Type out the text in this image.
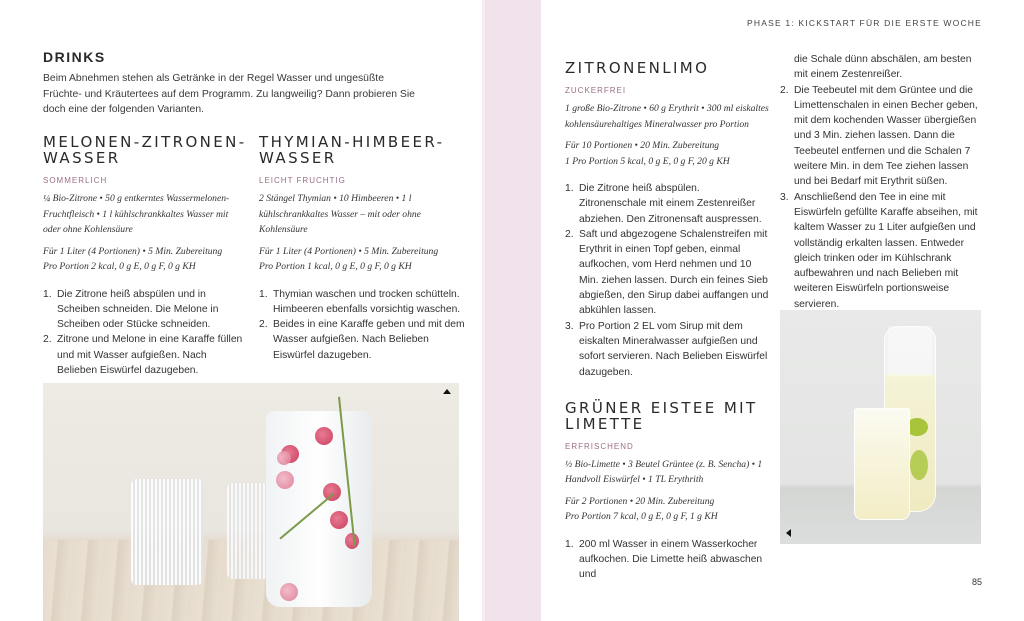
DRINKS

Beim Abnehmen stehen als Getränke in der Regel Wasser und ungesüßte Früchte- und Kräutertees auf dem Programm. Zu langweilig? Dann probieren Sie doch eine der folgenden Varianten.

MELONEN-ZITRONEN-WASSER
SOMMERLICH

¼ Bio-Zitrone • 50 g entkerntes Wassermelonen-Fruchtfleisch • 1 l kühlschrankkaltes Wasser mit oder ohne Kohlensäure

Für 1 Liter (4 Portionen) • 5 Min. Zubereitung
Pro Portion 2 kcal, 0 g E, 0 g F, 0 g KH

1. Die Zitrone heiß abspülen und in Scheiben schneiden. Die Melone in Scheiben oder Stücke schneiden.
2. Zitrone und Melone in eine Karaffe füllen und mit Wasser aufgießen. Nach Belieben Eiswürfel dazugeben.
THYMIAN-HIMBEER-WASSER
LEICHT FRUCHTIG

2 Stängel Thymian • 10 Himbeeren • 1 l kühlschrankkaltes Wasser – mit oder ohne Kohlensäure

Für 1 Liter (4 Portionen) • 5 Min. Zubereitung
Pro Portion 1 kcal, 0 g E, 0 g F, 0 g KH

1. Thymian waschen und trocken schütteln. Himbeeren ebenfalls vorsichtig waschen.
2. Beides in eine Karaffe geben und mit dem Wasser aufgießen. Nach Belieben Eiswürfel dazugeben.
PHASE 1: KICKSTART FÜR DIE ERSTE WOCHE
ZITRONENLIMO
ZUCKERFREI

1 große Bio-Zitrone • 60 g Erythrit • 300 ml eiskaltes kohlensäurehaltiges Mineralwasser pro Portion

Für 10 Portionen • 20 Min. Zubereitung
1 Pro Portion 5 kcal, 0 g E, 0 g F, 20 g KH

1. Die Zitrone heiß abspülen. Zitronenschale mit einem Zestenreißer abziehen. Den Zitronensaft auspressen.
2. Saft und abgezogene Schalenstreifen mit Erythrit in einen Topf geben, einmal aufkochen, vom Herd nehmen und 10 Min. ziehen lassen. Durch ein feines Sieb abgießen, den Sirup dabei auffangen und abkühlen lassen.
3. Pro Portion 2 EL vom Sirup mit dem eiskalten Mineralwasser aufgießen und sofort servieren. Nach Belieben Eiswürfel dazugeben.
GRÜNER EISTEE MIT LIMETTE
ERFRISCHEND

½ Bio-Limette • 3 Beutel Grüntee (z. B. Sencha) • 1 Handvoll Eiswürfel • 1 TL Erythrith

Für 2 Portionen • 20 Min. Zubereitung
Pro Portion 7 kcal, 0 g E, 0 g F, 1 g KH

1. 200 ml Wasser in einem Wasserkocher aufkochen. Die Limette heiß abwaschen und

die Schale dünn abschälen, am besten mit einem Zestenreißer.

2. Die Teebeutel mit dem Grüntee und die Limettenschalen in einen Becher geben, mit dem kochenden Wasser übergießen und 3 Min. ziehen lassen. Dann die Teebeutel entfernen und die Schalen 7 weitere Min. in dem Tee ziehen lassen und bei Bedarf mit Erythrit süßen.
3. Anschließend den Tee in eine mit Eiswürfeln gefüllte Karaffe abseihen, mit kaltem Wasser zu 1 Liter aufgießen und vollständig erkalten lassen. Entweder gleich trinken oder im Kühlschrank aufbewahren und nach Belieben mit weiteren Eiswürfeln portionsweise servieren.
85
